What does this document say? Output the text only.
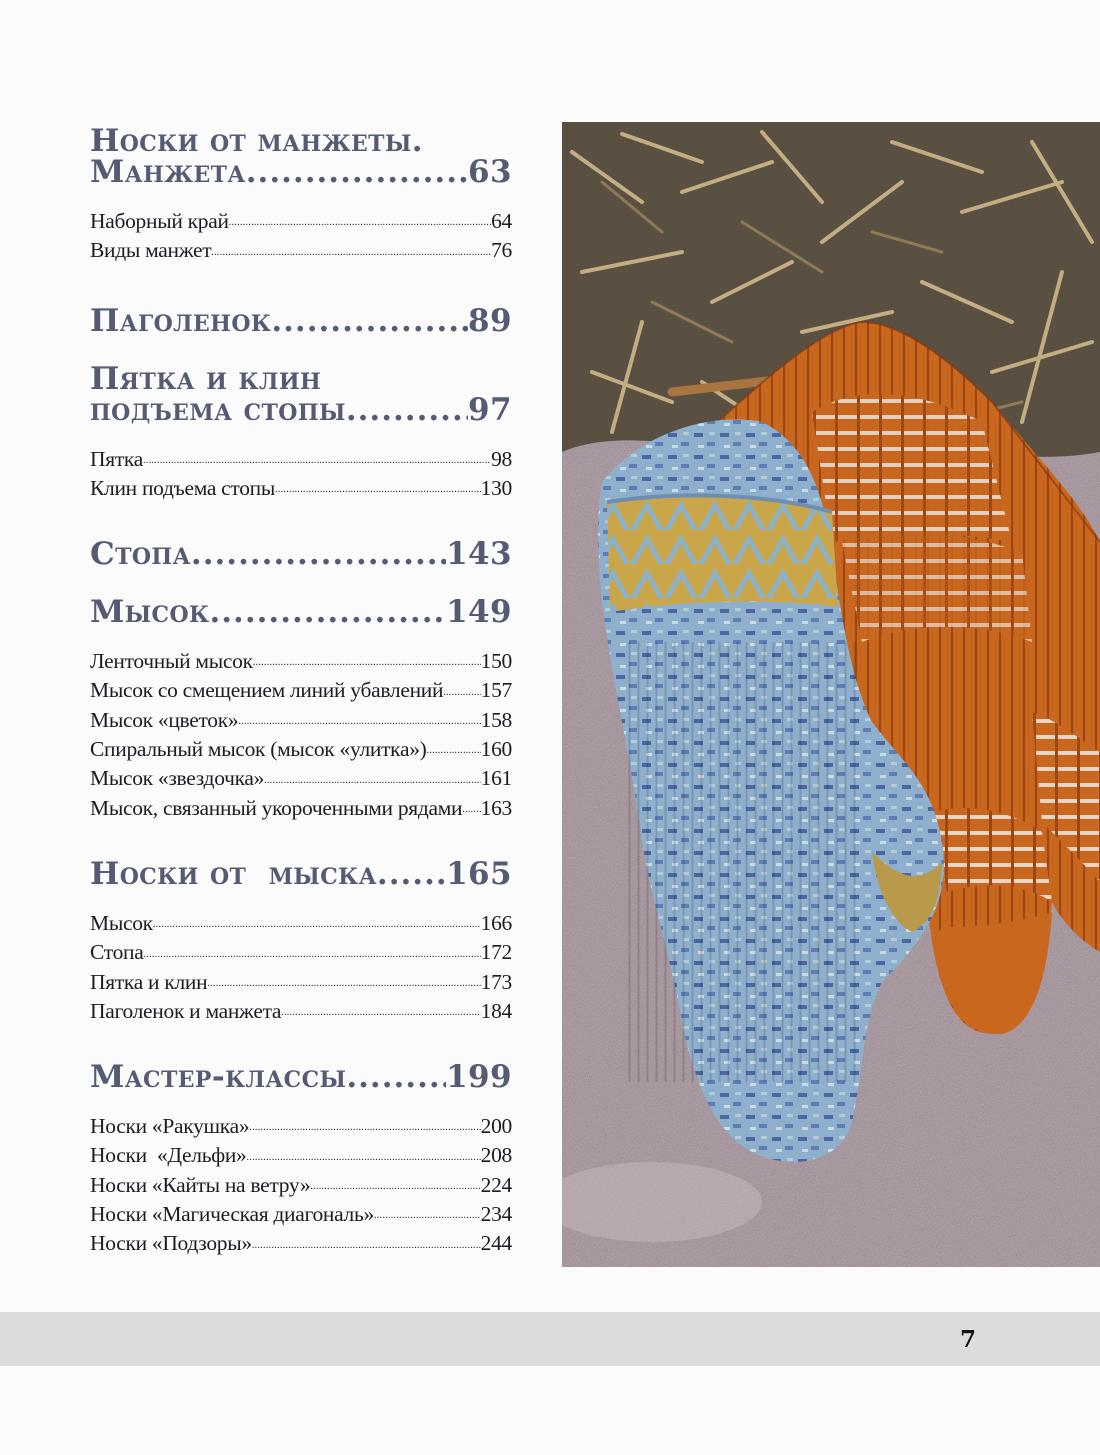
Носки от манжеты.
Манжета .....	63
Наборный край .....	64
Виды манжет .....	76
Паголенок .....	89
Пятка и клин
подъема стопы .....	97
Пятка .....	98
Клин подъема стопы .....	130
Стопа .....	143
Мысок .....	149
Ленточный мысок .....	150
Мысок со смещением линий убавлений ..... 157
Мысок «цветок» .....	158
Спиральный мысок (мысок «улитка») .....	160
Мысок «звездочка» .....	161
Мысок, связанный укороченными рядами ..... 163
Носки от  мыска ..... 165
Мысок .....	166
Стопа .....	172
Пятка и клин .....	173
Паголенок и манжета .....	184
Мастер-классы .....	199
Носки «Ракушка» .....	200
Носки  «Дельфи» .....	208
Носки «Кайты на ветру» .....	224
Носки «Магическая диагональ» .....	234
Носки «Подзоры» .....	244
7
